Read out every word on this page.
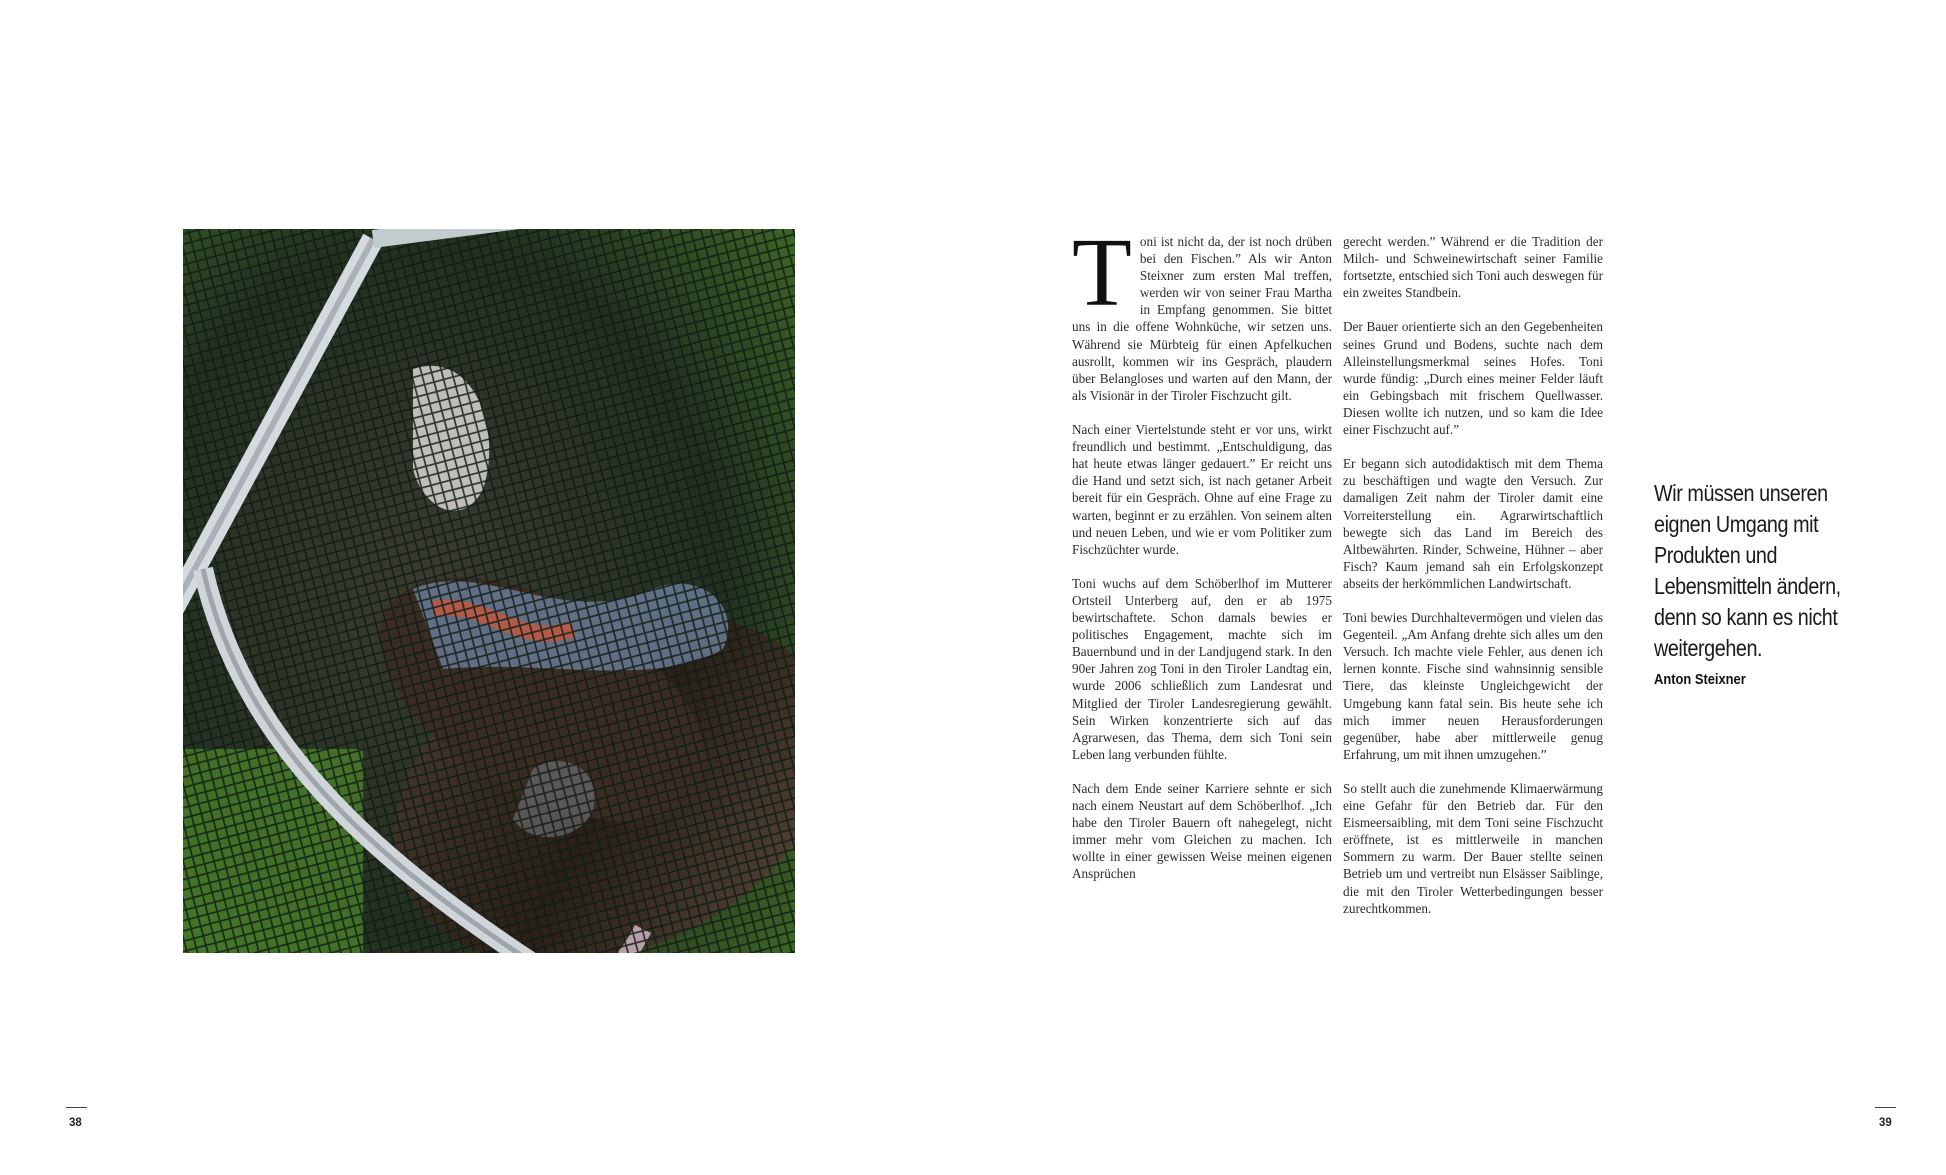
Toni ist nicht da, der ist noch drüben bei den Fischen.” Als wir Anton Steixner zum ersten Mal treffen, werden wir von seiner Frau Martha in Empfang genommen. Sie bittet uns in die offene Wohnküche, wir setzen uns. Während sie Mürbteig für einen Apfelkuchen ausrollt, kommen wir ins Gespräch, plaudern über Belangloses und warten auf den Mann, der als Visionär in der Tiroler Fischzucht gilt.

Nach einer Viertelstunde steht er vor uns, wirkt freundlich und bestimmt. „Entschuldigung, das hat heute etwas länger gedauert.” Er reicht uns die Hand und setzt sich, ist nach getaner Arbeit bereit für ein Gespräch. Ohne auf eine Frage zu warten, beginnt er zu erzählen. Von seinem alten und neuen Leben, und wie er vom Politiker zum Fischzüchter wurde.

Toni wuchs auf dem Schöberlhof im Mutterer Ortsteil Unterberg auf, den er ab 1975 bewirtschaftete. Schon damals bewies er politisches Engagement, machte sich im Bauernbund und in der Landjugend stark. In den 90er Jahren zog Toni in den Tiroler Landtag ein, wurde 2006 schließlich zum Landesrat und Mitglied der Tiroler Landesregierung gewählt. Sein Wirken konzentrierte sich auf das Agrarwesen, das Thema, dem sich Toni sein Leben lang verbunden fühlte.

Nach dem Ende seiner Karriere sehnte er sich nach einem Neustart auf dem Schöberlhof. „Ich habe den Tiroler Bauern oft nahegelegt, nicht immer mehr vom Gleichen zu machen. Ich wollte in einer gewissen Weise meinen eigenen Ansprüchen

gerecht werden.” Während er die Tradition der Milch- und Schweinewirtschaft seiner Familie fortsetzte, entschied sich Toni auch deswegen für ein zweites Standbein.

Der Bauer orientierte sich an den Gegebenheiten seines Grund und Bodens, suchte nach dem Alleinstellungsmerkmal seines Hofes. Toni wurde fündig: „Durch eines meiner Felder läuft ein Gebingsbach mit frischem Quellwasser. Diesen wollte ich nutzen, und so kam die Idee einer Fischzucht auf.”

Er begann sich autodidaktisch mit dem Thema zu beschäftigen und wagte den Versuch. Zur damaligen Zeit nahm der Tiroler damit eine Vorreiterstellung ein. Agrarwirtschaftlich bewegte sich das Land im Bereich des Altbewährten. Rinder, Schweine, Hühner – aber Fisch? Kaum jemand sah ein Erfolgskonzept abseits der herkömmlichen Landwirtschaft.

Toni bewies Durchhaltevermögen und vielen das Gegenteil. „Am Anfang drehte sich alles um den Versuch. Ich machte viele Fehler, aus denen ich lernen konnte. Fische sind wahnsinnig sensible Tiere, das kleinste Ungleichgewicht der Umgebung kann fatal sein. Bis heute sehe ich mich immer neuen Herausforderungen gegenüber, habe aber mittlerweile genug Erfahrung, um mit ihnen umzugehen.”

So stellt auch die zunehmende Klimaerwärmung eine Gefahr für den Betrieb dar. Für den Eismeersaibling, mit dem Toni seine Fischzucht eröffnete, ist es mittlerweile in manchen Sommern zu warm. Der Bauer stellte seinen Betrieb um und vertreibt nun Elsässer Saiblinge, die mit den Tiroler Wetterbedingungen besser zurechtkommen.

Wir müssen unseren
eignen Umgang mit
Produkten und
Lebensmitteln ändern,
denn so kann es nicht
weitergehen.
Anton Steixner
38	39
